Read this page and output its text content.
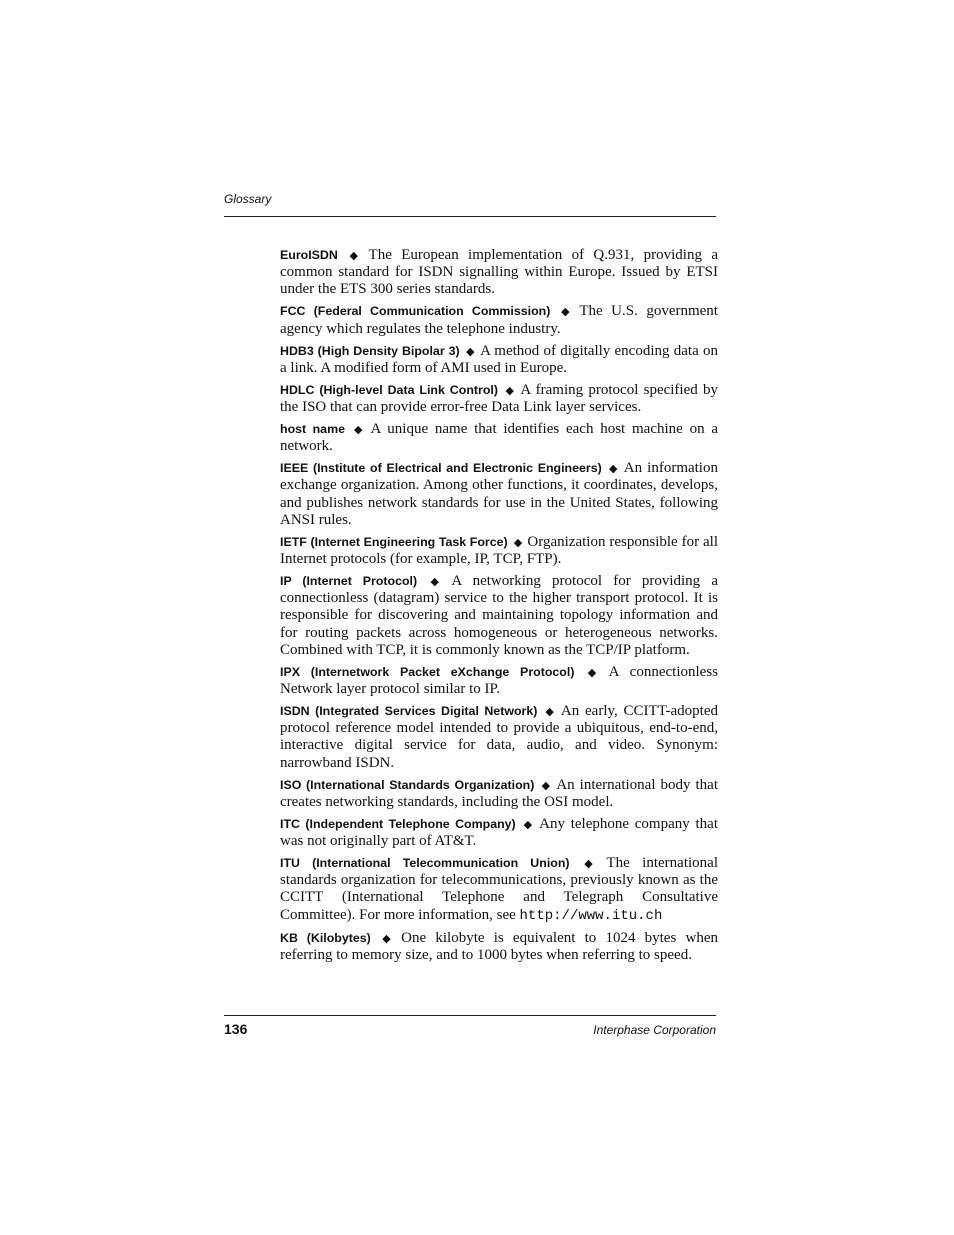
Glossary

EuroISDN ◆ The European implementation of Q.931, providing a common standard for ISDN signalling within Europe. Issued by ETSI under the ETS 300 series standards.

FCC (Federal Communication Commission) ◆ The U.S. government agency which regulates the telephone industry.

HDB3 (High Density Bipolar 3) ◆ A method of digitally encoding data on a link. A modified form of AMI used in Europe.

HDLC (High-level Data Link Control) ◆ A framing protocol specified by the ISO that can provide error-free Data Link layer services.

host name ◆ A unique name that identifies each host machine on a network.

IEEE (Institute of Electrical and Electronic Engineers) ◆ An information exchange organization. Among other functions, it coordinates, develops, and publishes network standards for use in the United States, following ANSI rules.

IETF (Internet Engineering Task Force) ◆ Organization responsible for all Internet protocols (for example, IP, TCP, FTP).

IP (Internet Protocol) ◆ A networking protocol for providing a connectionless (datagram) service to the higher transport protocol. It is responsible for discovering and maintaining topology information and for routing packets across homogeneous or heterogeneous networks. Combined with TCP, it is commonly known as the TCP/IP platform.

IPX (Internetwork Packet eXchange Protocol) ◆ A connectionless Network layer protocol similar to IP.

ISDN (Integrated Services Digital Network) ◆ An early, CCITT-adopted protocol reference model intended to provide a ubiquitous, end-to-end, interactive digital service for data, audio, and video. Synonym: narrowband ISDN.

ISO (International Standards Organization) ◆ An international body that creates networking standards, including the OSI model.

ITC (Independent Telephone Company) ◆ Any telephone company that was not originally part of AT&T.

ITU (International Telecommunication Union) ◆ The international standards organization for telecommunications, previously known as the CCITT (International Telephone and Telegraph Consultative Committee). For more information, see http://www.itu.ch

KB (Kilobytes) ◆ One kilobyte is equivalent to 1024 bytes when referring to memory size, and to 1000 bytes when referring to speed.

136	Interphase Corporation
